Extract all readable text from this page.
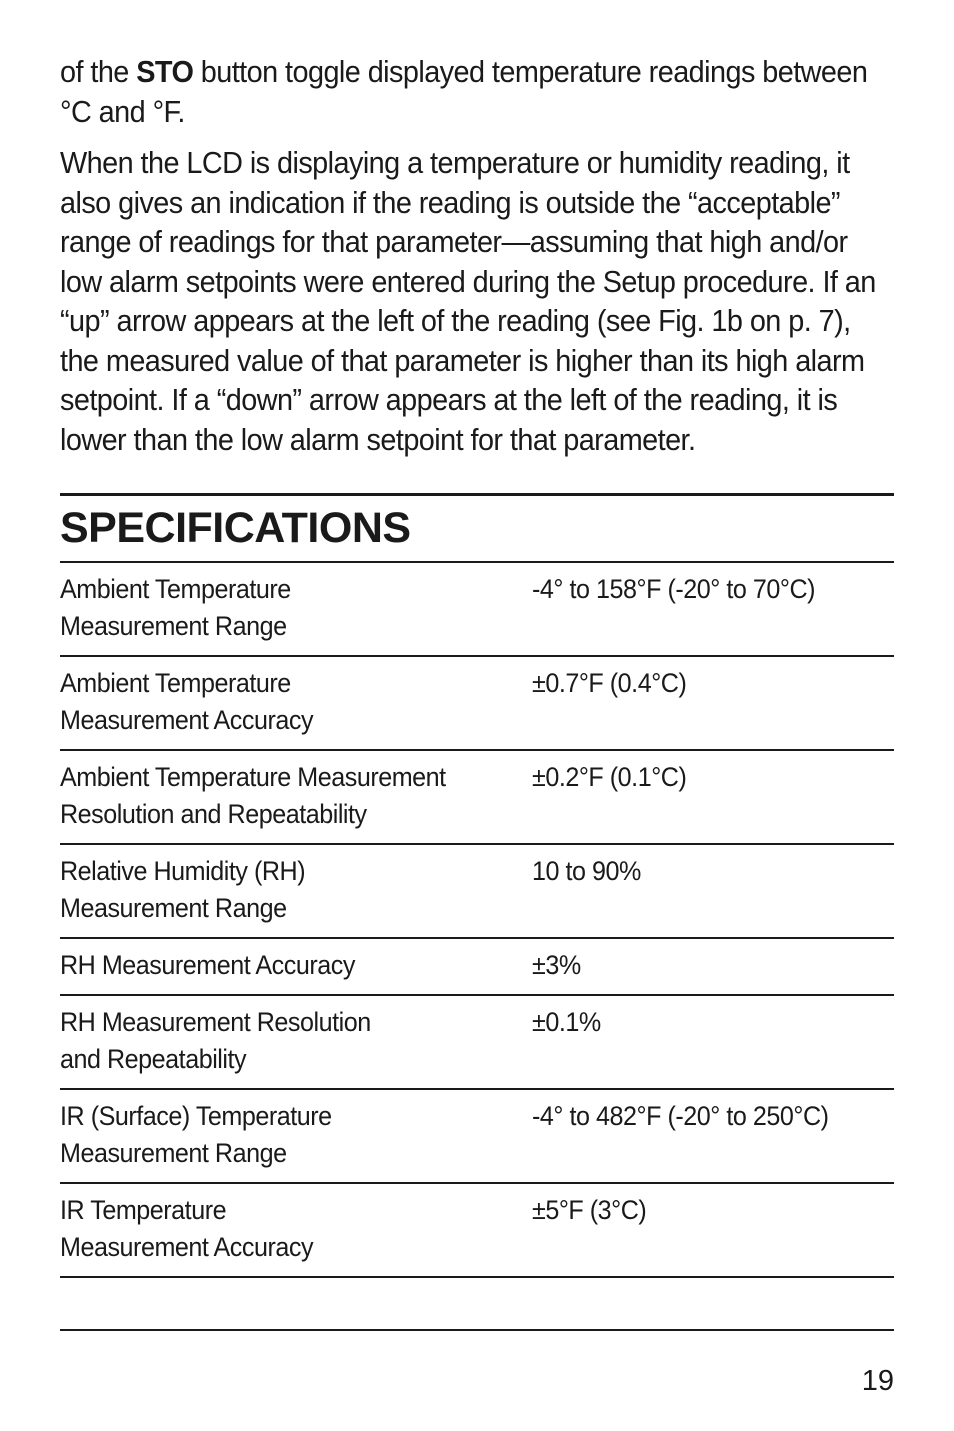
of the STO button toggle displayed temperature readings between °C and °F.

When the LCD is displaying a temperature or humidity reading, it also gives an indication if the reading is outside the “acceptable” range of readings for that parameter—assuming that high and/or low alarm setpoints were entered during the Setup procedure. If an “up” arrow appears at the left of the reading (see Fig. 1b on p. 7), the measured value of that parameter is higher than its high alarm setpoint. If a “down” arrow appears at the left of the reading, it is lower than the low alarm setpoint for that parameter.

SPECIFICATIONS
Ambient Temperature
Measurement Range
-4° to 158°F (-20° to 70°C)
Ambient Temperature
Measurement Accuracy
±0.7°F (0.4°C)
Ambient Temperature Measurement
Resolution and Repeatability
±0.2°F (0.1°C)
Relative Humidity (RH)
Measurement Range
10 to 90%
RH Measurement Accuracy	±3%
RH Measurement Resolution
and Repeatability
±0.1%
IR (Surface) Temperature
Measurement Range
-4° to 482°F (-20° to 250°C)
IR Temperature
Measurement Accuracy
±5°F (3°C)
19
